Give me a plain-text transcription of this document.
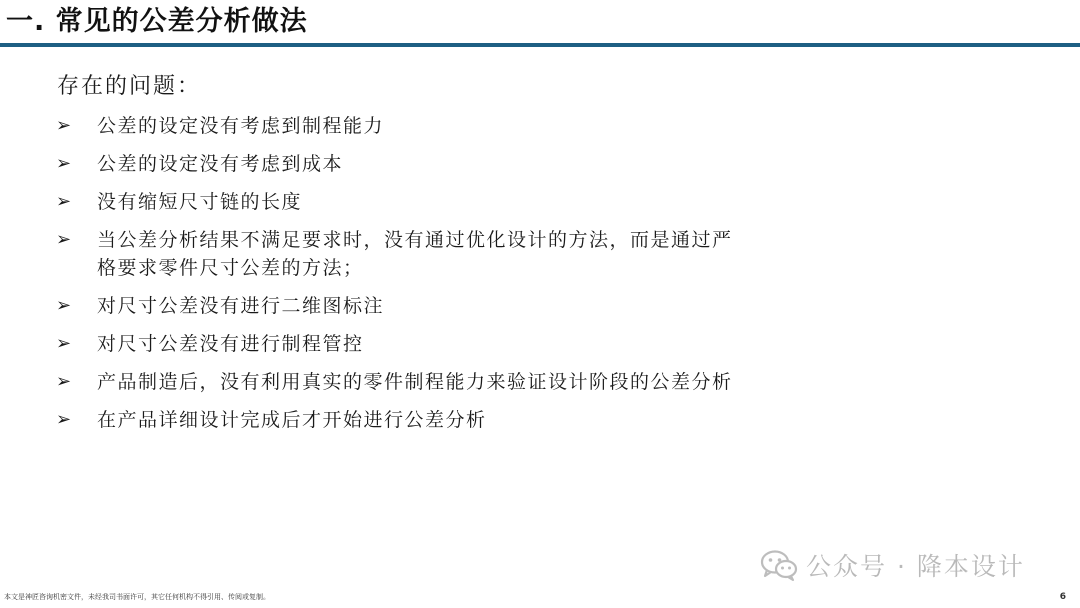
一. 常见的公差分析做法
存在的问题：
➢ 公差的设定没有考虑到制程能力
➢ 公差的设定没有考虑到成本
➢ 没有缩短尺寸链的长度
➢ 当公差分析结果不满足要求时，没有通过优化设计的方法，而是通过严
格要求零件尺寸公差的方法；
➢ 对尺寸公差没有进行二维图标注
➢ 对尺寸公差没有进行制程管控
➢ 产品制造后，没有利用真实的零件制程能力来验证设计阶段的公差分析
➢ 在产品详细设计完成后才开始进行公差分析
公众号 · 降本设计
本文是神匠咨询机密文件，未经我司书面许可，其它任何机构不得引用、传阅或复制。	6
